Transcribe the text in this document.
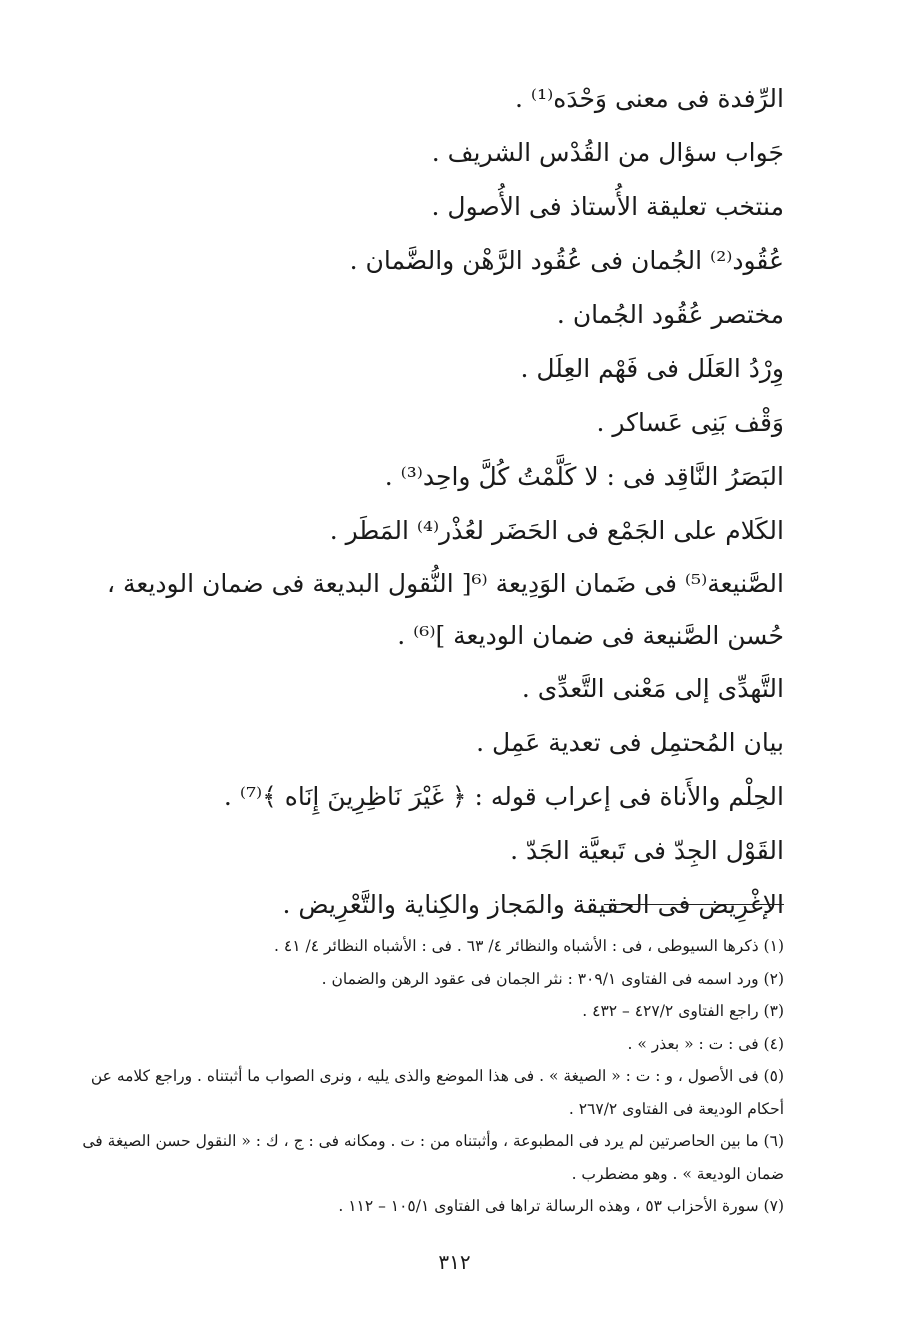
الرِّفدة فى معنى وَحْدَه⁽¹⁾ .
جَواب سؤال من القُدْس الشريف .
منتخب تعليقة الأُستاذ فى الأُصول .
عُقُود⁽²⁾ الجُمان فى عُقُود الرَّهْن والضَّمان .
مختصر عُقُود الجُمان .
وِرْدُ العَلَل فى فَهْم العِلَل .
وَقْف بَنِى عَساكر .
البَصَرُ النَّاقِد فى : لا كَلَّمْتُ كُلَّ واحِد⁽³⁾ .
الكَلام على الجَمْع فى الحَضَر لعُذْر⁽⁴⁾ المَطَر .
الصَّنيعة⁽⁵⁾ فى ضَمان الوَدِيعة ⁽⁶[ النُّقول البديعة فى ضمان الوديعة ، حُسن الصَّنيعة فى ضمان الوديعة ]⁽⁶⁾ .
التَّهدِّى إلى مَعْنى التَّعدِّى .
بيان المُحتمِل فى تعدية عَمِل .
الحِلْم والأَناة فى إعراب قوله : ﴿ غَيْرَ نَاظِرِينَ إِنَاه ﴾⁽⁷⁾ .
القَوْل الجِدّ فى تَبعيَّة الجَدّ .
الإغْرِيض فى الحقيقة والمَجاز والكِناية والتَّعْرِيض .
(١) ذكرها السيوطى ، فى : الأشباه والنظائر ٤/ ٦٣ . فى : الأشباه النظائر ٤/ ٤١ .
(٢) ورد اسمه فى الفتاوى ٣٠٩/١ : نثر الجمان فى عقود الرهن والضمان .
(٣) راجع الفتاوى ٤٢٧/٢ – ٤٣٢ .
(٤) فى : ت : « بعذر » .
(٥) فى الأصول ، و : ت : « الصيغة » . فى هذا الموضع والذى يليه ، ونرى الصواب ما أثبتناه . وراجع كلامه عن أحكام الوديعة فى الفتاوى ٢٦٧/٢ .
(٦) ما بين الحاصرتين لم يرد فى المطبوعة ، وأثبتناه من : ت . ومكانه فى : ج ، ك : « النقول حسن الصيغة فى ضمان الوديعة » . وهو مضطرب .
(٧) سورة الأحزاب ٥٣ ، وهذه الرسالة تراها فى الفتاوى ١٠٥/١ – ١١٢ .
٣١٢
